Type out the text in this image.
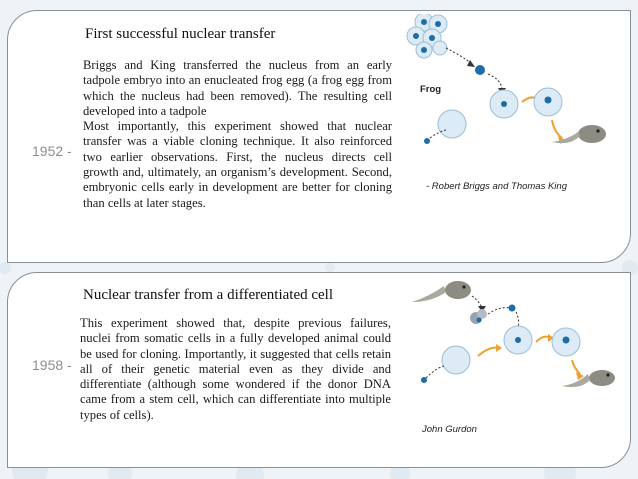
1952 -
First successful nuclear transfer

Briggs and King transferred the nucleus from an early tadpole embryo into an enucleated frog egg (a frog egg from which the nucleus had been removed). The resulting cell developed into a tadpole

Most importantly, this experiment showed that nuclear transfer was a viable cloning technique. It also reinforced two earlier observations. First, the nucleus directs cell growth and, ultimately, an organism’s development. Second, embryonic cells early in development are better for cloning than cells at later stages.

Frog
- Robert Briggs and Thomas King
1958 -
Nuclear transfer from a differentiated cell

This experiment showed that, despite previous failures, nuclei from somatic cells in a fully developed animal could be used for cloning. Importantly, it suggested that cells retain all of their genetic material even as they divide and differentiate (although some wondered if the donor DNA came from a stem cell, which can differentiate into multiple types of cells).

John Gurdon
